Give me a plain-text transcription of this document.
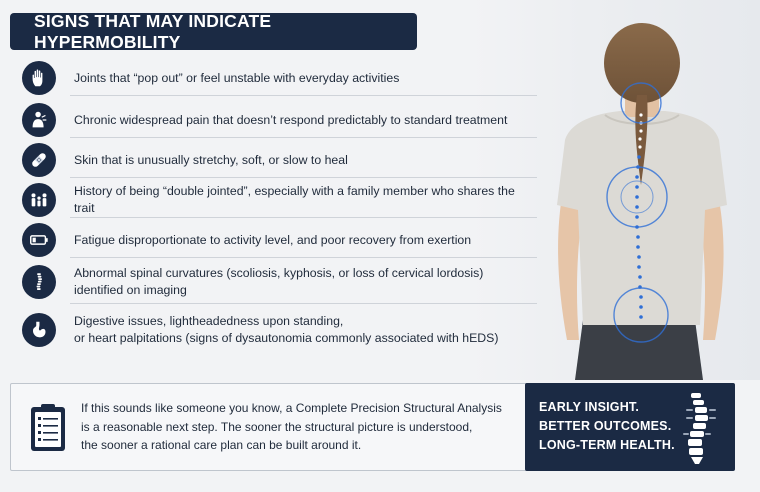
SIGNS THAT MAY INDICATE HYPERMOBILITY
Joints that “pop out” or feel unstable with everyday activities
Chronic widespread pain that doesn’t respond predictably to standard treatment
Skin that is unusually stretchy, soft, or slow to heal
History of being “double jointed”, especially with a family member who shares the trait
Fatigue disproportionate to activity level, and poor recovery from exertion
Abnormal spinal curvatures (scoliosis, kyphosis, or loss of cervical lordosis)
identified on imaging
Digestive issues, lightheadedness upon standing,
or heart palpitations (signs of dysautonomia commonly associated with hEDS)
If this sounds like someone you know, a Complete Precision Structural Analysis
is a reasonable next step. The sooner the structural picture is understood,
the sooner a rational care plan can be built around it.
EARLY INSIGHT.
BETTER OUTCOMES.
LONG-TERM HEALTH.
